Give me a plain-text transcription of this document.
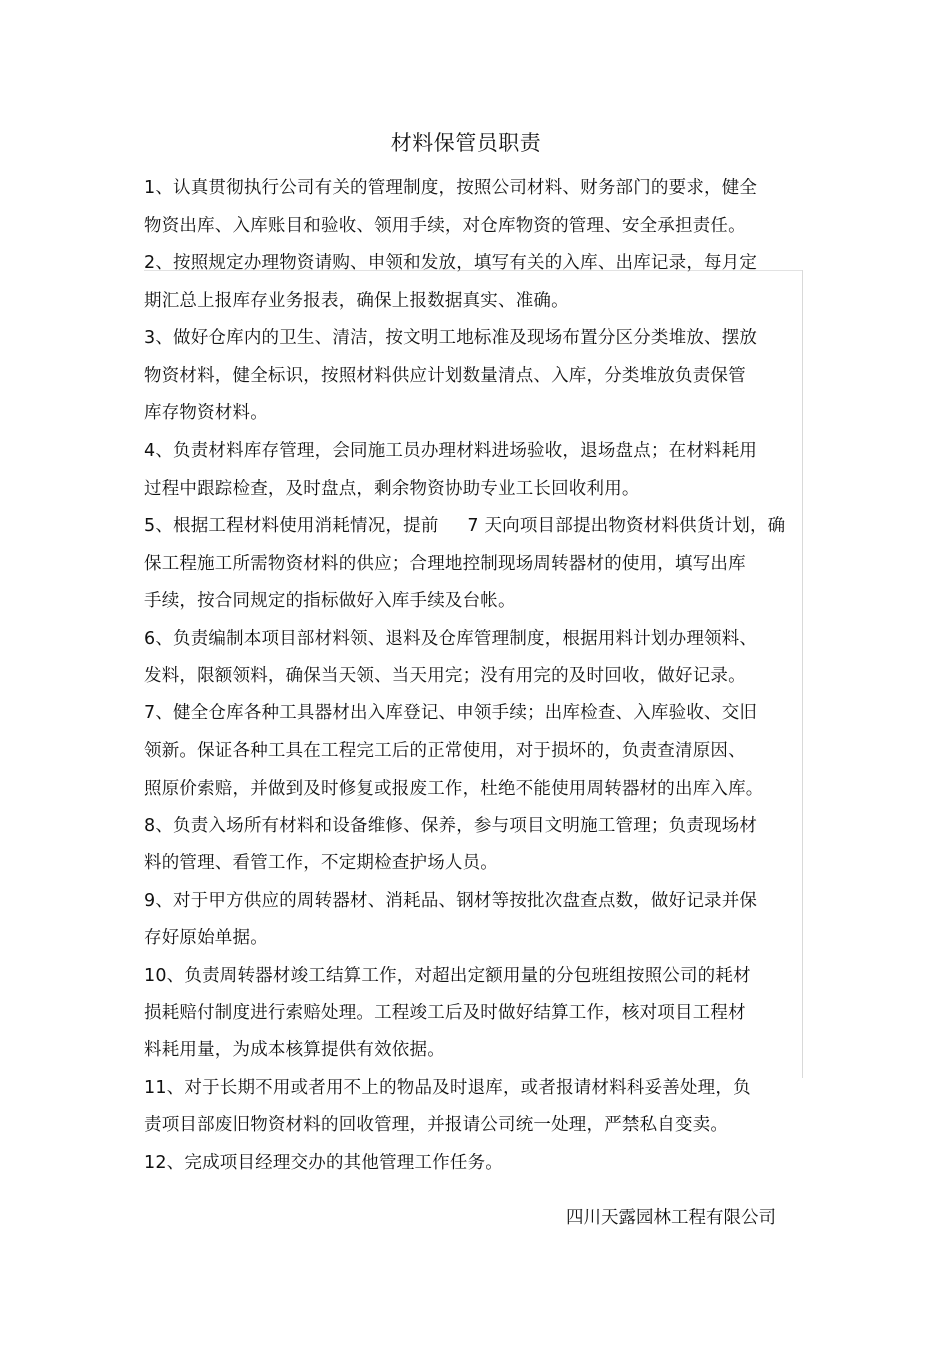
材料保管员职责
1、认真贯彻执行公司有关的管理制度，按照公司材料、财务部门的要求，健全
物资出库、入库账目和验收、领用手续，对仓库物资的管理、安全承担责任。
2、按照规定办理物资请购、申领和发放，填写有关的入库、出库记录，每月定
期汇总上报库存业务报表，确保上报数据真实、准确。
3、做好仓库内的卫生、清洁，按文明工地标准及现场布置分区分类堆放、摆放
物资材料，健全标识，按照材料供应计划数量清点、入库，分类堆放负责保管
库存物资材料。
4、负责材料库存管理，会同施工员办理材料进场验收，退场盘点；在材料耗用
过程中跟踪检查，及时盘点，剩余物资协助专业工长回收利用。
5、根据工程材料使用消耗情况，提前     7 天向项目部提出物资材料供货计划，确
保工程施工所需物资材料的供应；合理地控制现场周转器材的使用，填写出库
手续，按合同规定的指标做好入库手续及台帐。
6、负责编制本项目部材料领、退料及仓库管理制度，根据用料计划办理领料、
发料，限额领料，确保当天领、当天用完；没有用完的及时回收，做好记录。
7、健全仓库各种工具器材出入库登记、申领手续；出库检查、入库验收、交旧
领新。保证各种工具在工程完工后的正常使用，对于损坏的，负责查清原因、
照原价索赔，并做到及时修复或报废工作，杜绝不能使用周转器材的出库入库。
8、负责入场所有材料和设备维修、保养，参与项目文明施工管理；负责现场材
料的管理、看管工作，不定期检查护场人员。
9、对于甲方供应的周转器材、消耗品、钢材等按批次盘查点数，做好记录并保
存好原始单据。
10、负责周转器材竣工结算工作，对超出定额用量的分包班组按照公司的耗材
损耗赔付制度进行索赔处理。工程竣工后及时做好结算工作，核对项目工程材
料耗用量，为成本核算提供有效依据。
11、对于长期不用或者用不上的物品及时退库，或者报请材料科妥善处理，负
责项目部废旧物资材料的回收管理，并报请公司统一处理，严禁私自变卖。
12、完成项目经理交办的其他管理工作任务。
四川天露园林工程有限公司
